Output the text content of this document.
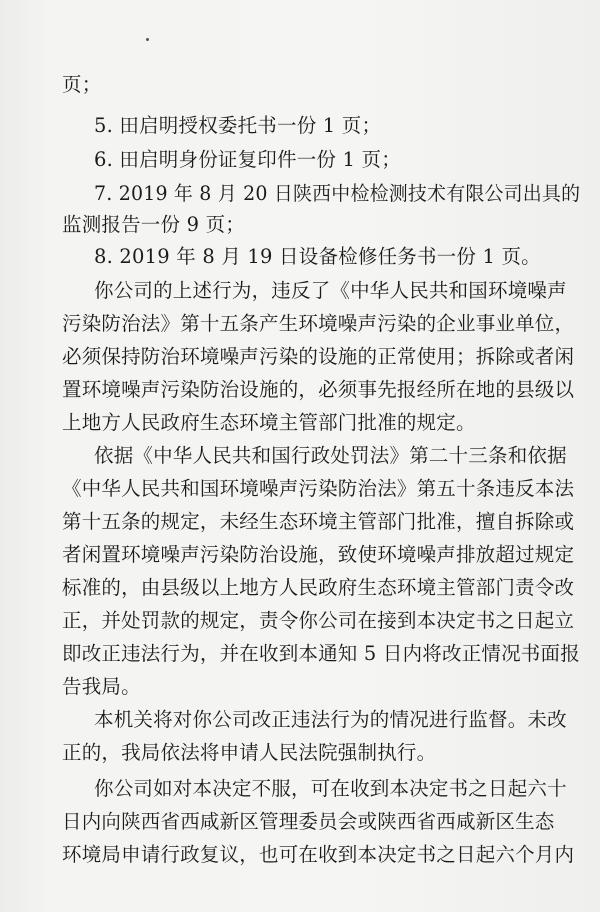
页；
5. 田启明授权委托书一份 1 页；
6. 田启明身份证复印件一份 1 页；
7. 2019 年 8 月 20 日陕西中检检测技术有限公司出具的
监测报告一份 9 页；
8. 2019 年 8 月 19 日设备检修任务书一份 1 页。
你公司的上述行为，违反了《中华人民共和国环境噪声
污染防治法》第十五条产生环境噪声污染的企业事业单位，
必须保持防治环境噪声污染的设施的正常使用；拆除或者闲
置环境噪声污染防治设施的，必须事先报经所在地的县级以
上地方人民政府生态环境主管部门批准的规定。
依据《中华人民共和国行政处罚法》第二十三条和依据
《中华人民共和国环境噪声污染防治法》第五十条违反本法
第十五条的规定，未经生态环境主管部门批准，擅自拆除或
者闲置环境噪声污染防治设施，致使环境噪声排放超过规定
标准的，由县级以上地方人民政府生态环境主管部门责令改
正，并处罚款的规定，责令你公司在接到本决定书之日起立
即改正违法行为，并在收到本通知 5 日内将改正情况书面报
告我局。
本机关将对你公司改正违法行为的情况进行监督。未改
正的，我局依法将申请人民法院强制执行。
你公司如对本决定不服，可在收到本决定书之日起六十
日内向陕西省西咸新区管理委员会或陕西省西咸新区生态
环境局申请行政复议，也可在收到本决定书之日起六个月内
